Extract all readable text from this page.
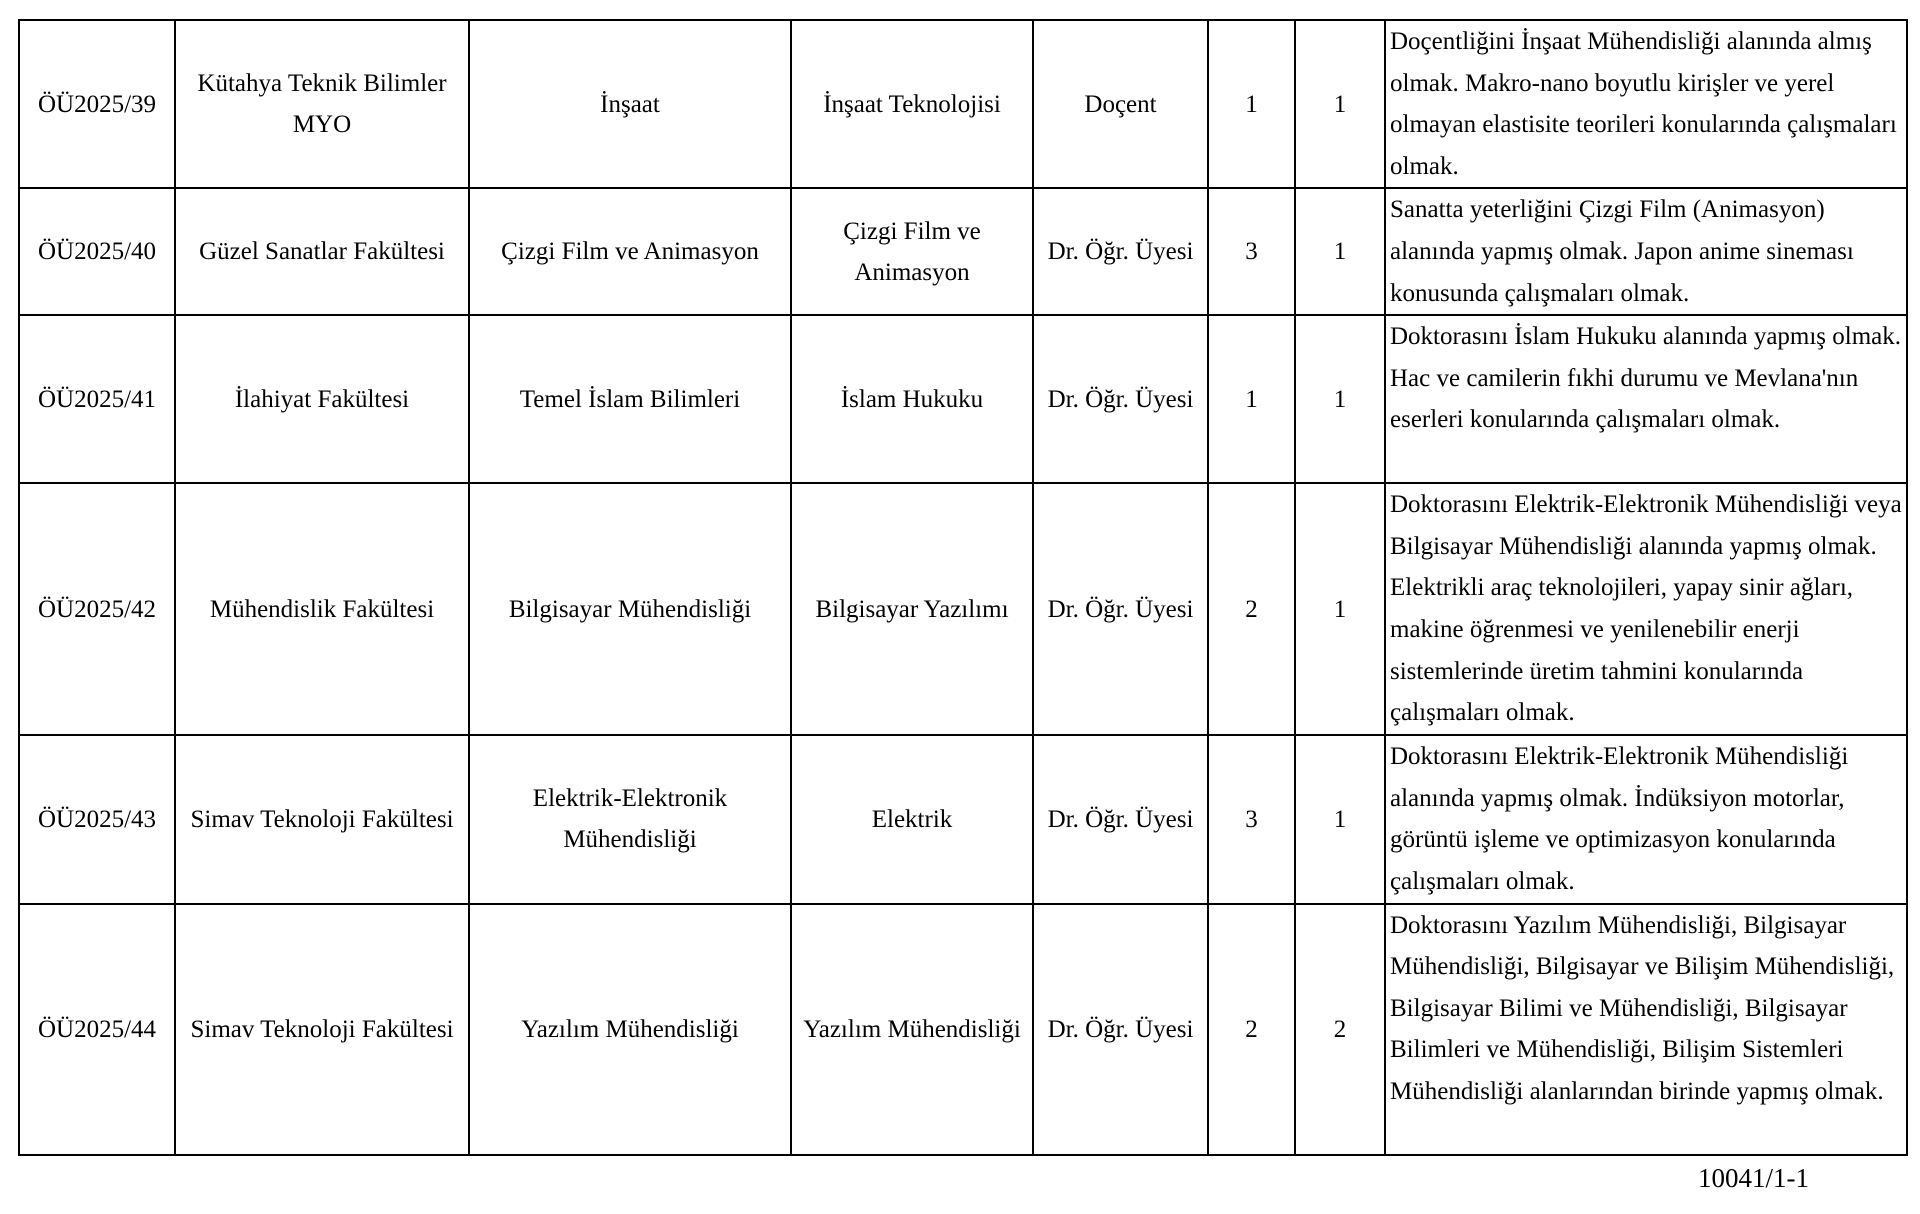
ÖÜ2025/39	Kütahya Teknik Bilimler MYO	İnşaat	İnşaat Teknolojisi	Doçent	1	1	Doçentliğini İnşaat Mühendisliği alanında almış olmak. Makro-nano boyutlu kirişler ve yerel olmayan elastisite teorileri konularında çalışmaları olmak.
ÖÜ2025/40	Güzel Sanatlar Fakültesi	Çizgi Film ve Animasyon	Çizgi Film ve Animasyon	Dr. Öğr. Üyesi	3	1	Sanatta yeterliğini Çizgi Film (Animasyon) alanında yapmış olmak. Japon anime sineması konusunda çalışmaları olmak.
ÖÜ2025/41	İlahiyat Fakültesi	Temel İslam Bilimleri	İslam Hukuku	Dr. Öğr. Üyesi	1	1	Doktorasını İslam Hukuku alanında yapmış olmak. Hac ve camilerin fıkhi durumu ve Mevlana'nın eserleri konularında çalışmaları olmak.
ÖÜ2025/42	Mühendislik Fakültesi	Bilgisayar Mühendisliği	Bilgisayar Yazılımı	Dr. Öğr. Üyesi	2	1	Doktorasını Elektrik-Elektronik Mühendisliği veya Bilgisayar Mühendisliği alanında yapmış olmak. Elektrikli araç teknolojileri, yapay sinir ağları, makine öğrenmesi ve yenilenebilir enerji sistemlerinde üretim tahmini konularında çalışmaları olmak.
ÖÜ2025/43	Simav Teknoloji Fakültesi	Elektrik-Elektronik Mühendisliği	Elektrik	Dr. Öğr. Üyesi	3	1	Doktorasını Elektrik-Elektronik Mühendisliği alanında yapmış olmak. İndüksiyon motorlar, görüntü işleme ve optimizasyon konularında çalışmaları olmak.
ÖÜ2025/44	Simav Teknoloji Fakültesi	Yazılım Mühendisliği	Yazılım Mühendisliği	Dr. Öğr. Üyesi	2	2	Doktorasını Yazılım Mühendisliği, Bilgisayar Mühendisliği, Bilgisayar ve Bilişim Mühendisliği, Bilgisayar Bilimi ve Mühendisliği, Bilgisayar Bilimleri ve Mühendisliği, Bilişim Sistemleri Mühendisliği alanlarından birinde yapmış olmak.
10041/1-1
